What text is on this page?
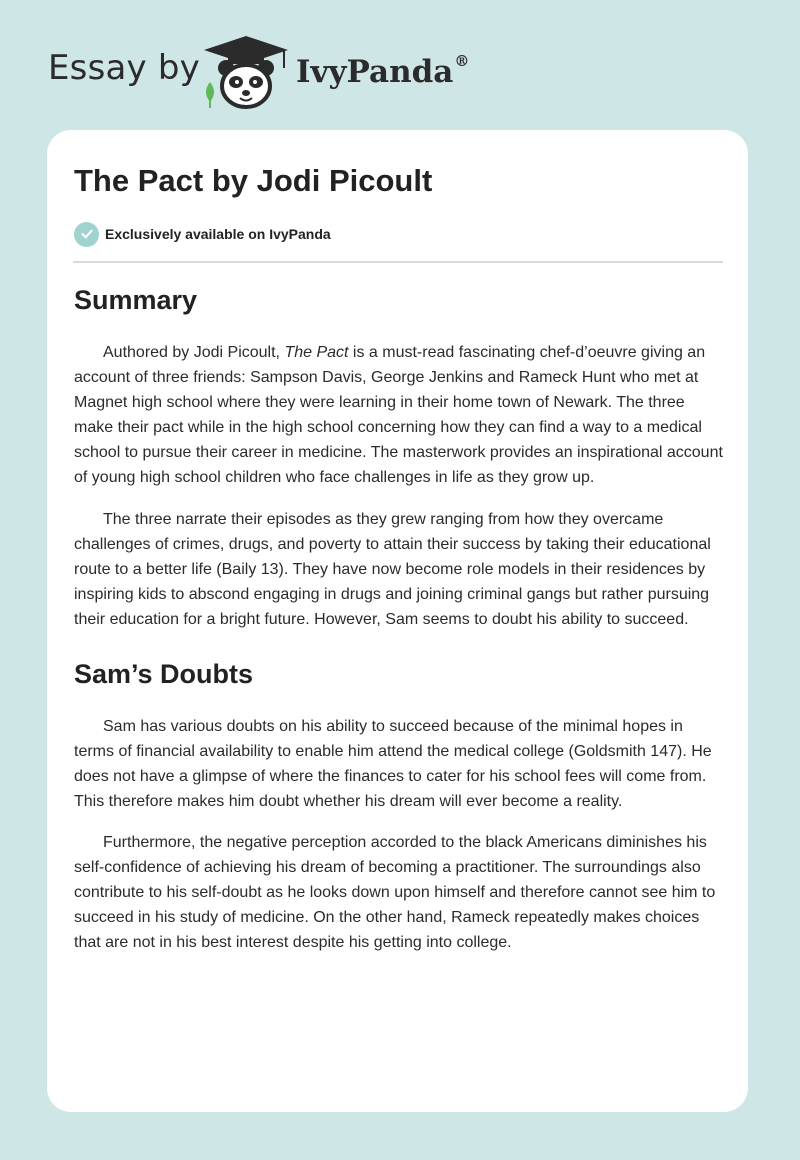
Essay by	IvyPanda®
The Pact by Jodi Picoult
Exclusively available on IvyPanda
Summary

Authored by Jodi Picoult, The Pact is a must-read fascinating chef-d’oeuvre giving an account of three friends: Sampson Davis, George Jenkins and Rameck Hunt who met at Magnet high school where they were learning in their home town of Newark. The three make their pact while in the high school concerning how they can find a way to a medical school to pursue their career in medicine. The masterwork provides an inspirational account of young high school children who face challenges in life as they grow up.

The three narrate their episodes as they grew ranging from how they overcame challenges of crimes, drugs, and poverty to attain their success by taking their educational route to a better life (Baily 13). They have now become role models in their residences by inspiring kids to abscond engaging in drugs and joining criminal gangs but rather pursuing their education for a bright future. However, Sam seems to doubt his ability to succeed.

Sam’s Doubts

Sam has various doubts on his ability to succeed because of the minimal hopes in terms of financial availability to enable him attend the medical college (Goldsmith 147). He does not have a glimpse of where the finances to cater for his school fees will come from. This therefore makes him doubt whether his dream will ever become a reality.

Furthermore, the negative perception accorded to the black Americans diminishes his self-confidence of achieving his dream of becoming a practitioner. The surroundings also contribute to his self-doubt as he looks down upon himself and therefore cannot see him to succeed in his study of medicine. On the other hand, Rameck repeatedly makes choices that are not in his best interest despite his getting into college.
